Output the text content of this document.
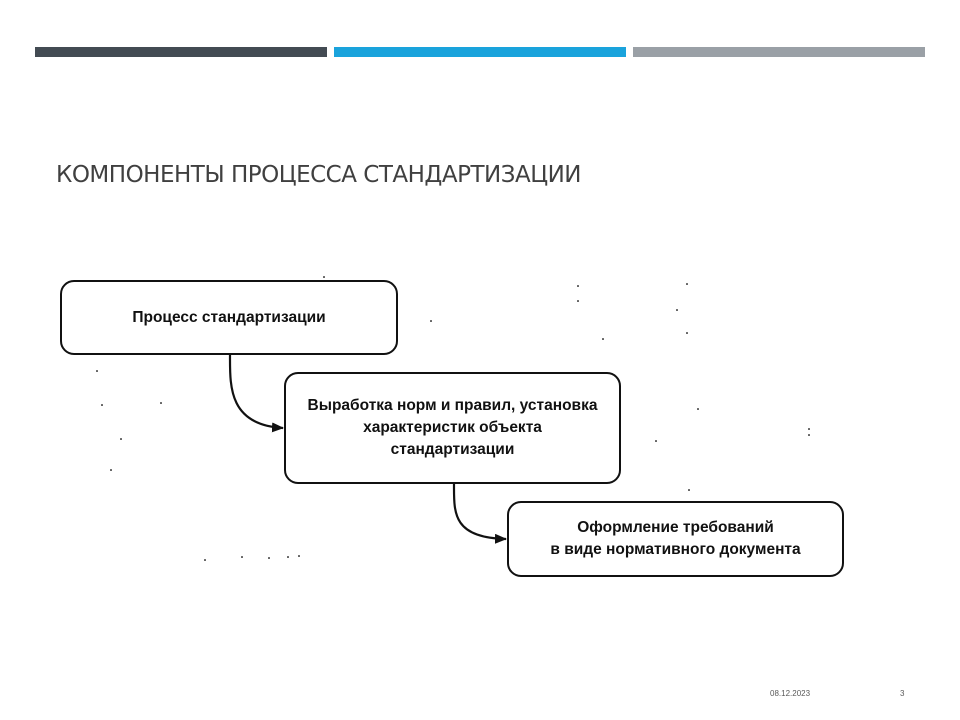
КОМПОНЕНТЫ ПРОЦЕССА СТАНДАРТИЗАЦИИ
Процесс стандартизации
Выработка норм и правил, установка
характеристик объекта
стандартизации
Оформление требований
в виде нормативного документа
08.12.2023	3
